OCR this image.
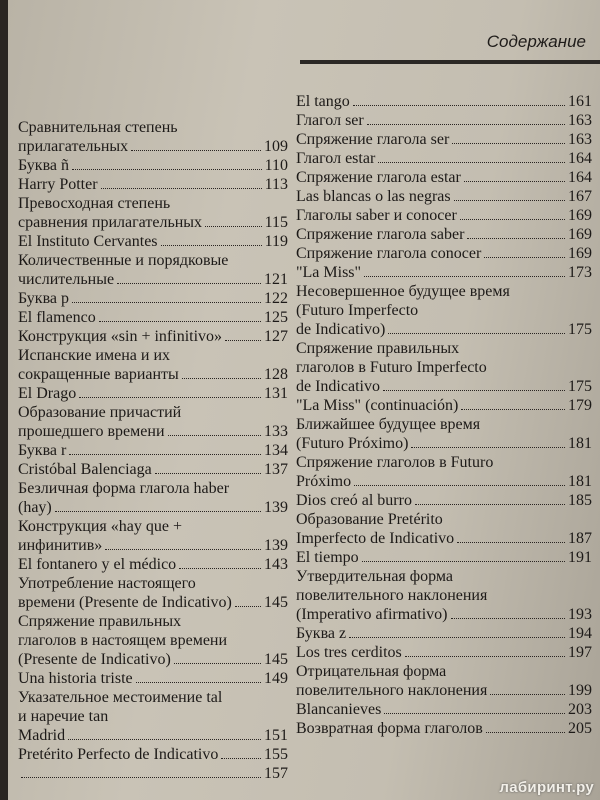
Содержание
Сравнительная степень
прилагательных	109
Буква ñ	110
Harry Potter	113
Превосходная степень
сравнения прилагательных	115
El Instituto Cervantes	119
Количественные и порядковые
числительные	121
Буква p	122
El flamenco	125
Конструкция «sin + infinitivo»	127
Испанские имена и их
сокращенные варианты	128
El Drago	131
Образование причастий
прошедшего времени	133
Буква r	134
Cristóbal Balenciaga	137
Безличная форма глагола haber
(hay)	139
Конструкция «hay que +
инфинитив»	139
El fontanero y el médico	143
Употребление настоящего
времени (Presente de Indicativo) 145
Спряжение правильных
глаголов в настоящем времени
(Presente de Indicativo)	145
Una historia triste	149
Указательное местоимение tal
и наречие tan
Madrid	151
Pretérito Perfecto de Indicativo	155
157
El tango	161
Глагол ser	163
Спряжение глагола ser	163
Глагол estar	164
Спряжение глагола estar	164
Las blancas o las negras	167
Глаголы saber и conocer	169
Спряжение глагола saber	169
Спряжение глагола conocer	169
"La Miss"	173
Несовершенное будущее время
(Futuro Imperfecto
de Indicativo)	175
Спряжение правильных
глаголов в Futuro Imperfecto
de Indicativo	175
"La Miss" (continuación)	179
Ближайшее будущее время
(Futuro Próximo)	181
Спряжение глаголов в Futuro
Próximo	181
Dios creó al burro	185
Образование Pretérito
Imperfecto de Indicativo	187
El tiempo	191
Утвердительная форма
повелительного наклонения
(Imperativo afirmativo)	193
Буква z	194
Los tres cerditos	197
Отрицательная форма
повелительного наклонения	199
Blancanieves	203
Возвратная форма глаголов	205
лабиринт.ру
